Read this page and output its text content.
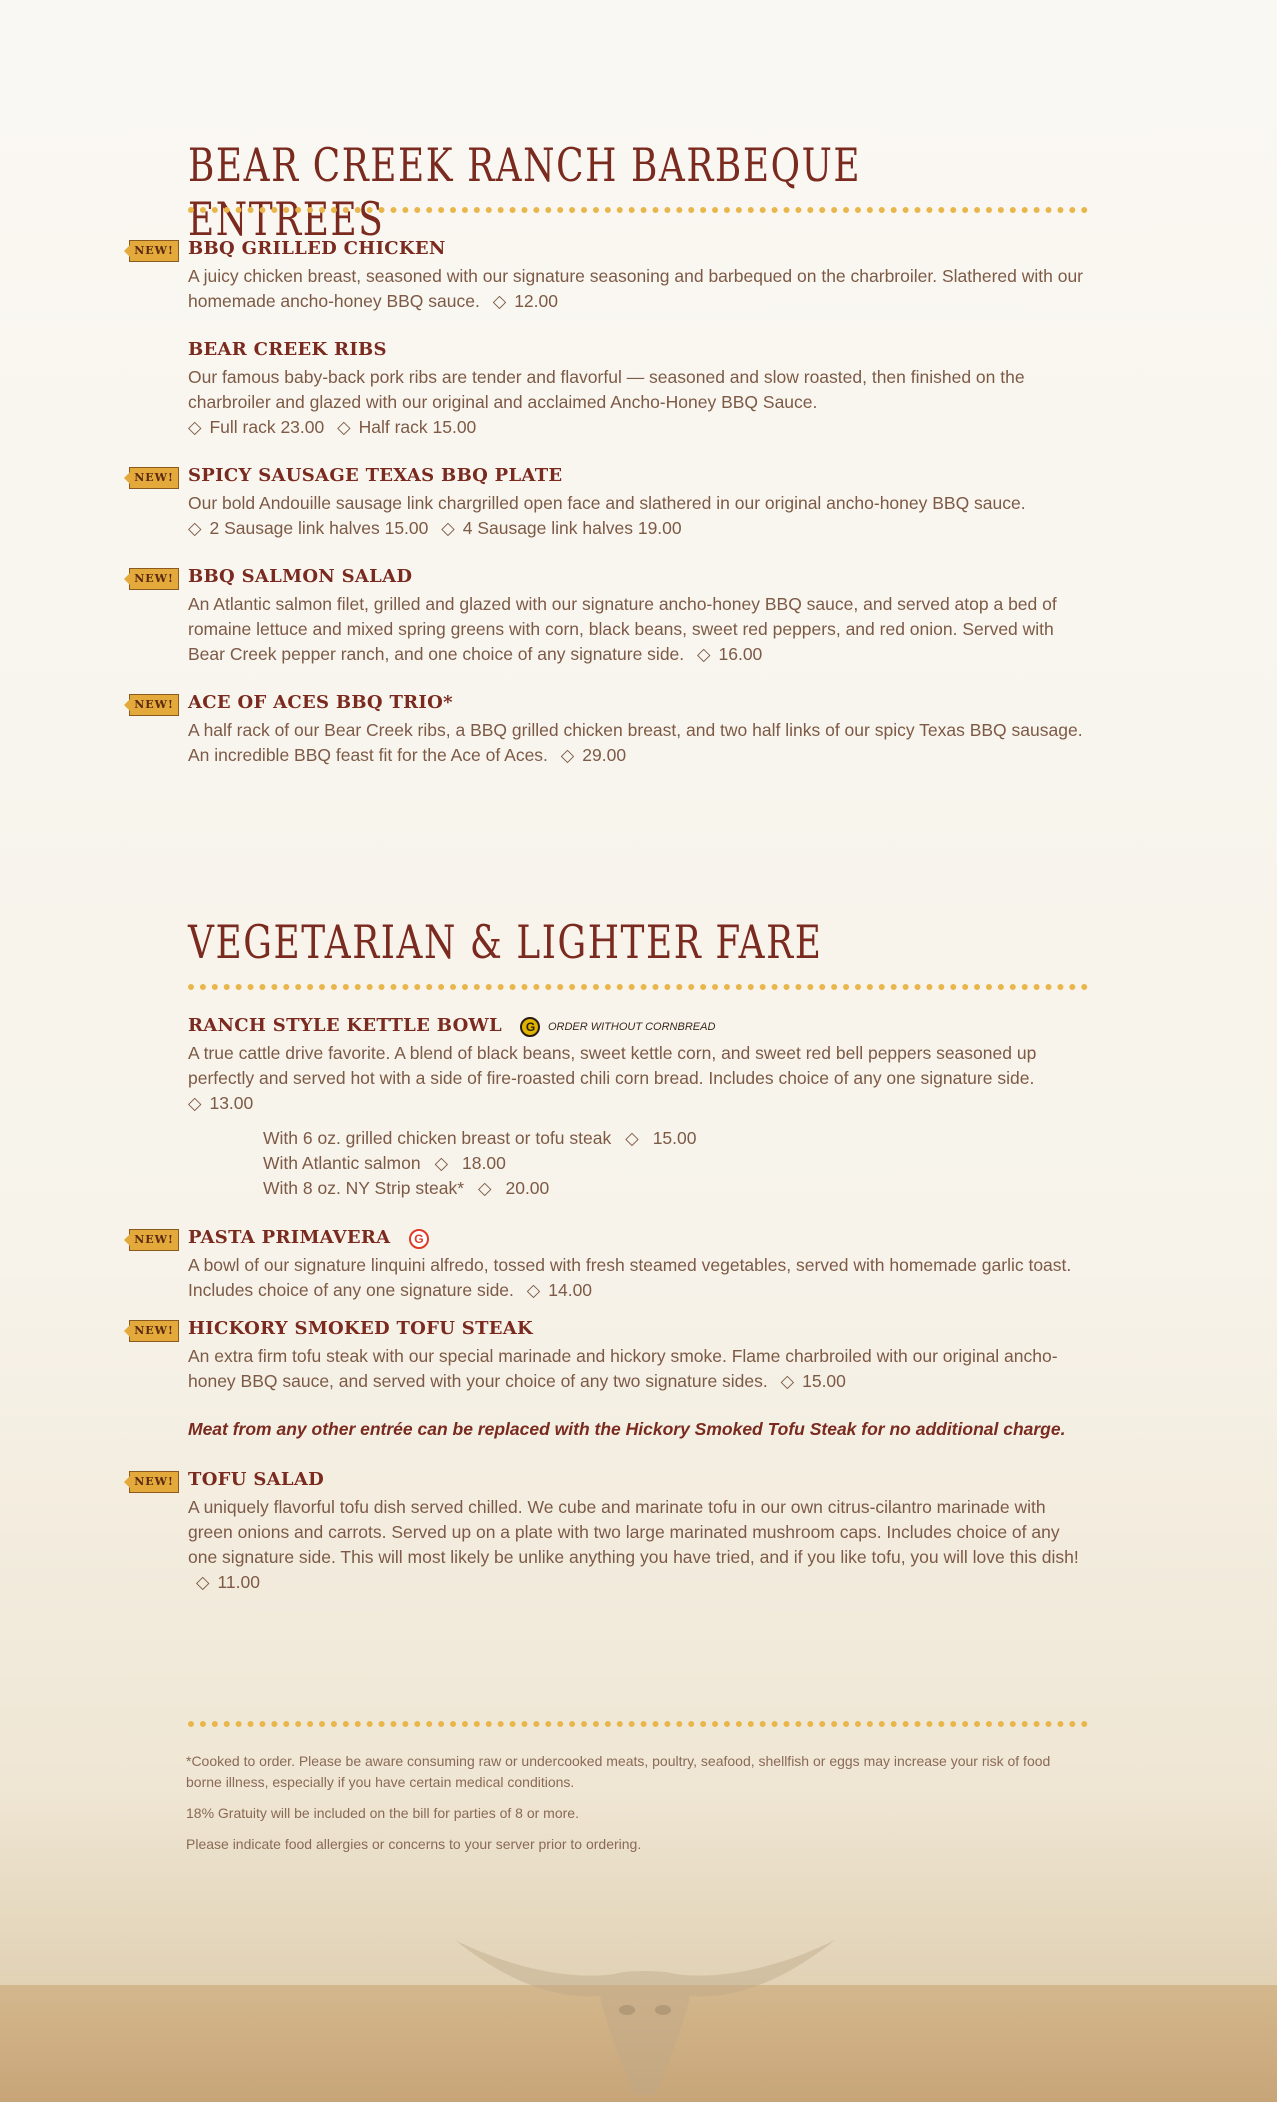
BEAR CREEK RANCH BARBEQUE ENTREES
NEW! BBQ GRILLED CHICKEN

A juicy chicken breast, seasoned with our signature seasoning and barbequed on the charbroiler. Slathered with our homemade ancho-honey BBQ sauce. ◇ 12.00

BEAR CREEK RIBS

Our famous baby-back pork ribs are tender and flavorful — seasoned and slow roasted, then finished on the charbroiler and glazed with our original and acclaimed Ancho-Honey BBQ Sauce.

◇ Full rack 23.00 ◇ Half rack 15.00

NEW! SPICY SAUSAGE TEXAS BBQ PLATE

Our bold Andouille sausage link chargrilled open face and slathered in our original ancho-honey BBQ sauce.

◇ 2 Sausage link halves 15.00 ◇ 4 Sausage link halves 19.00

NEW! BBQ SALMON SALAD

An Atlantic salmon filet, grilled and glazed with our signature ancho-honey BBQ sauce, and served atop a bed of romaine lettuce and mixed spring greens with corn, black beans, sweet red peppers, and red onion. Served with Bear Creek pepper ranch, and one choice of any signature side. ◇ 16.00

NEW! ACE OF ACES BBQ TRIO*

A half rack of our Bear Creek ribs, a BBQ grilled chicken breast, and two half links of our spicy Texas BBQ sausage. An incredible BBQ feast fit for the Ace of Aces. ◇ 29.00

VEGETARIAN & LIGHTER FARE
RANCH STYLE KETTLE BOWL G ORDER WITHOUT CORNBREAD

A true cattle drive favorite. A blend of black beans, sweet kettle corn, and sweet red bell peppers seasoned up perfectly and served hot with a side of fire-roasted chili corn bread. Includes choice of any one signature side.
◇ 13.00

With 6 oz. grilled chicken breast or tofu steak ◇ 15.00
With Atlantic salmon ◇ 18.00
With 8 oz. NY Strip steak* ◇ 20.00
NEW! PASTA PRIMAVERA G

A bowl of our signature linquini alfredo, tossed with fresh steamed vegetables, served with homemade garlic toast. Includes choice of any one signature side. ◇ 14.00

NEW! HICKORY SMOKED TOFU STEAK

An extra firm tofu steak with our special marinade and hickory smoke. Flame charbroiled with our original ancho-honey BBQ sauce, and served with your choice of any two signature sides. ◇ 15.00

Meat from any other entrée can be replaced with the Hickory Smoked Tofu Steak for no additional charge.
NEW! TOFU SALAD

A uniquely flavorful tofu dish served chilled. We cube and marinate tofu in our own citrus-cilantro marinade with green onions and carrots. Served up on a plate with two large marinated mushroom caps. Includes choice of any one signature side. This will most likely be unlike anything you have tried, and if you like tofu, you will love this dish! ◇ 11.00

*Cooked to order. Please be aware consuming raw or undercooked meats, poultry, seafood, shellfish or eggs may increase your risk of food borne illness, especially if you have certain medical conditions.
18% Gratuity will be included on the bill for parties of 8 or more.
Please indicate food allergies or concerns to your server prior to ordering.
